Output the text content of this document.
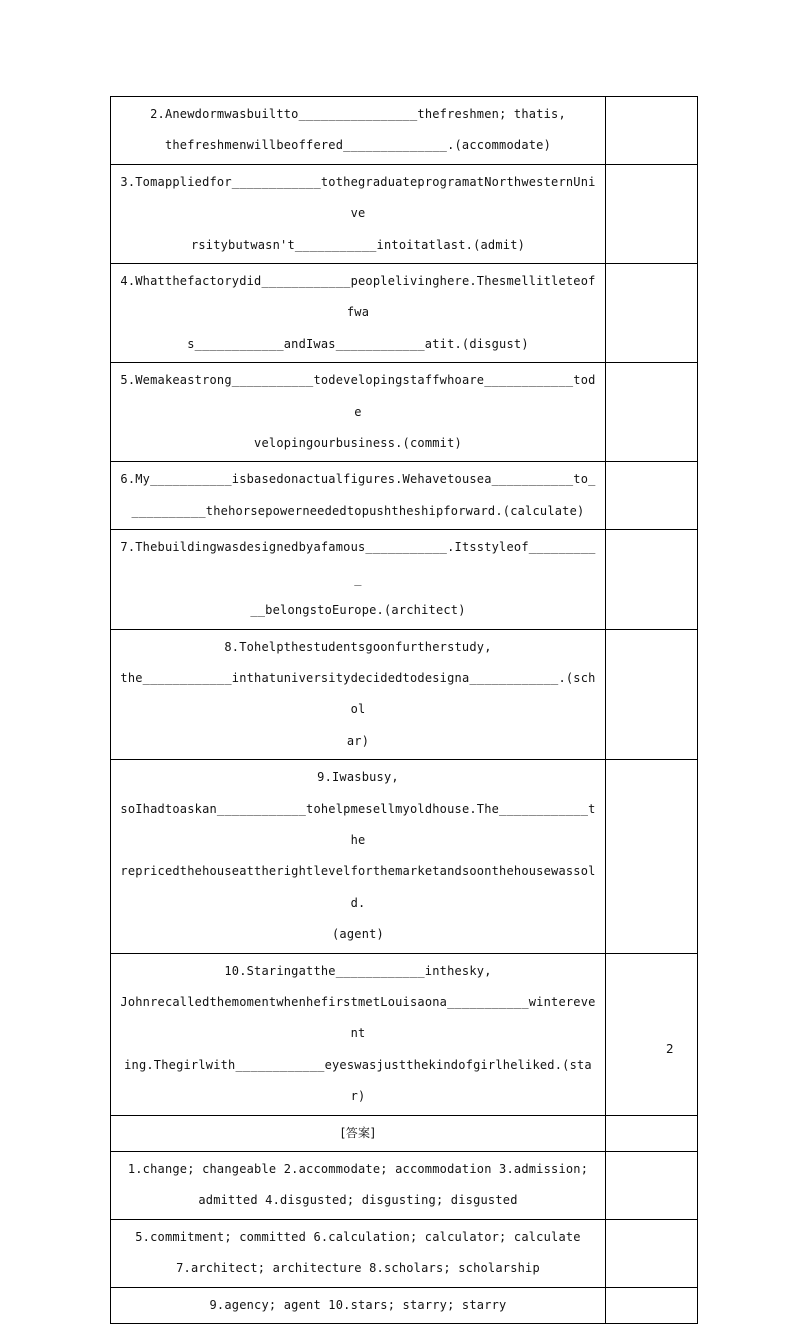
2.Anewdormwasbuiltto________________thefreshmen; thatis,
thefreshmenwillbeoffered______________.(accommodate)	

3.Tomappliedfor____________tothegraduateprogramatNorthwesternUnive
rsitybutwasn't___________intoitatlast.(admit)	

4.Whatthefactorydid____________peoplelivinghere.Thesmellitleteoffwa
s____________andIwas____________atit.(disgust)	

5.Wemakeastrong___________todevelopingstaffwhoare____________tode
velopingourbusiness.(commit)	

6.My___________isbasedonactualfigures.Wehavetousea___________to_
__________thehorsepowerneededtopushtheshipforward.(calculate)	

7.Thebuildingwasdesignedbyafamous___________.Itsstyleof__________
__belongstoEurope.(architect)	

8.Tohelpthestudentsgoonfurtherstudy,
the____________inthatuniversitydecidedtodesigna____________.(schol
ar)	

9.Iwasbusy,
soIhadtoaskan____________tohelpmesellmyoldhouse.The____________the
repricedthehouseattherightlevelforthemarketandsoonthehousewassold.
(agent)	

10.Staringatthe____________inthesky,
JohnrecalledthemomentwhenhefirstmetLouisaona___________winterevent
ing.Thegirlwith____________eyeswasjustthekindofgirlheliked.(star)	

[答案]	

1.change; changeable 2.accommodate; accommodation 3.admission;
admitted 4.disgusted; disgusting; disgusted	

5.commitment; committed 6.calculation; calculator; calculate
7.architect; architecture 8.scholars; scholarship	

9.agency; agent 10.stars; starry; starry	

2
